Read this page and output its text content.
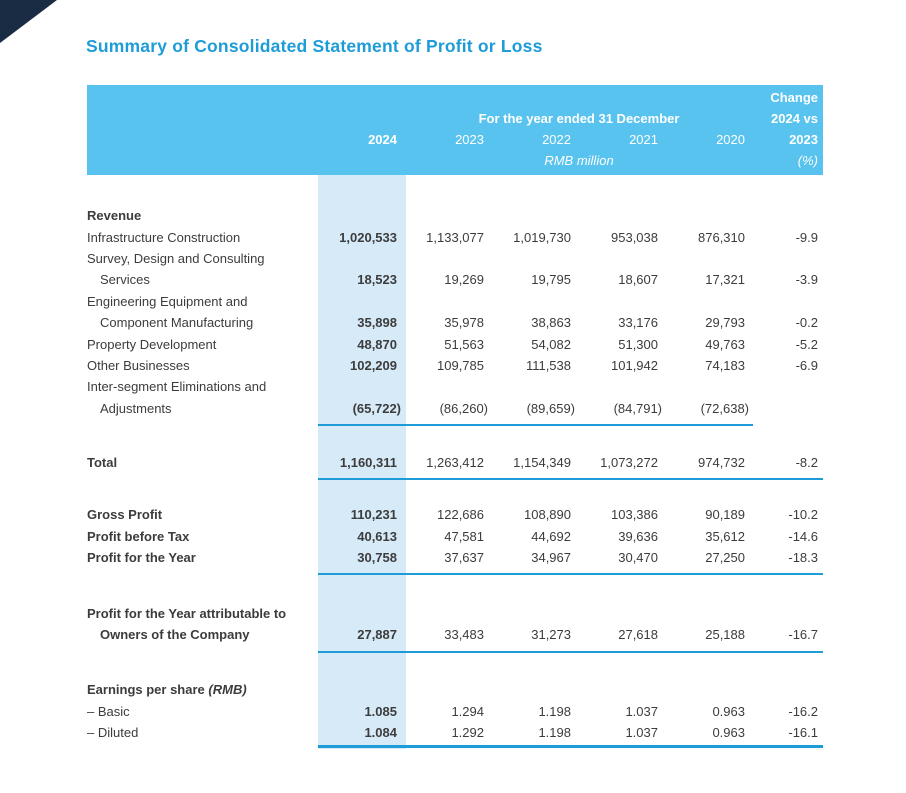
Summary of Consolidated Statement of Profit or Loss
Change
For the year ended 31 December	2024 vs
2024	2023	2022	2021	2020	2023
RMB million	(%)
Revenue
Infrastructure Construction	1,020,533	1,133,077	1,019,730	953,038	876,310	-9.9
Survey, Design and Consulting
Services	18,523	19,269	19,795	18,607	17,321	-3.9
Engineering Equipment and
Component Manufacturing	35,898	35,978	38,863	33,176	29,793	-0.2
Property Development	48,870	51,563	54,082	51,300	49,763	-5.2
Other Businesses	102,209	109,785	111,538	101,942	74,183	-6.9
Inter-segment Eliminations and
Adjustments	(65,722)	(86,260)	(89,659)	(84,791)	(72,638)
Total	1,160,311	1,263,412	1,154,349	1,073,272	974,732	-8.2
Gross Profit	110,231	122,686	108,890	103,386	90,189	-10.2
Profit before Tax	40,613	47,581	44,692	39,636	35,612	-14.6
Profit for the Year	30,758	37,637	34,967	30,470	27,250	-18.3
Profit for the Year attributable to
Owners of the Company	27,887	33,483	31,273	27,618	25,188	-16.7
Earnings per share (RMB)
– Basic	1.085	1.294	1.198	1.037	0.963	-16.2
– Diluted	1.084	1.292	1.198	1.037	0.963	-16.1
